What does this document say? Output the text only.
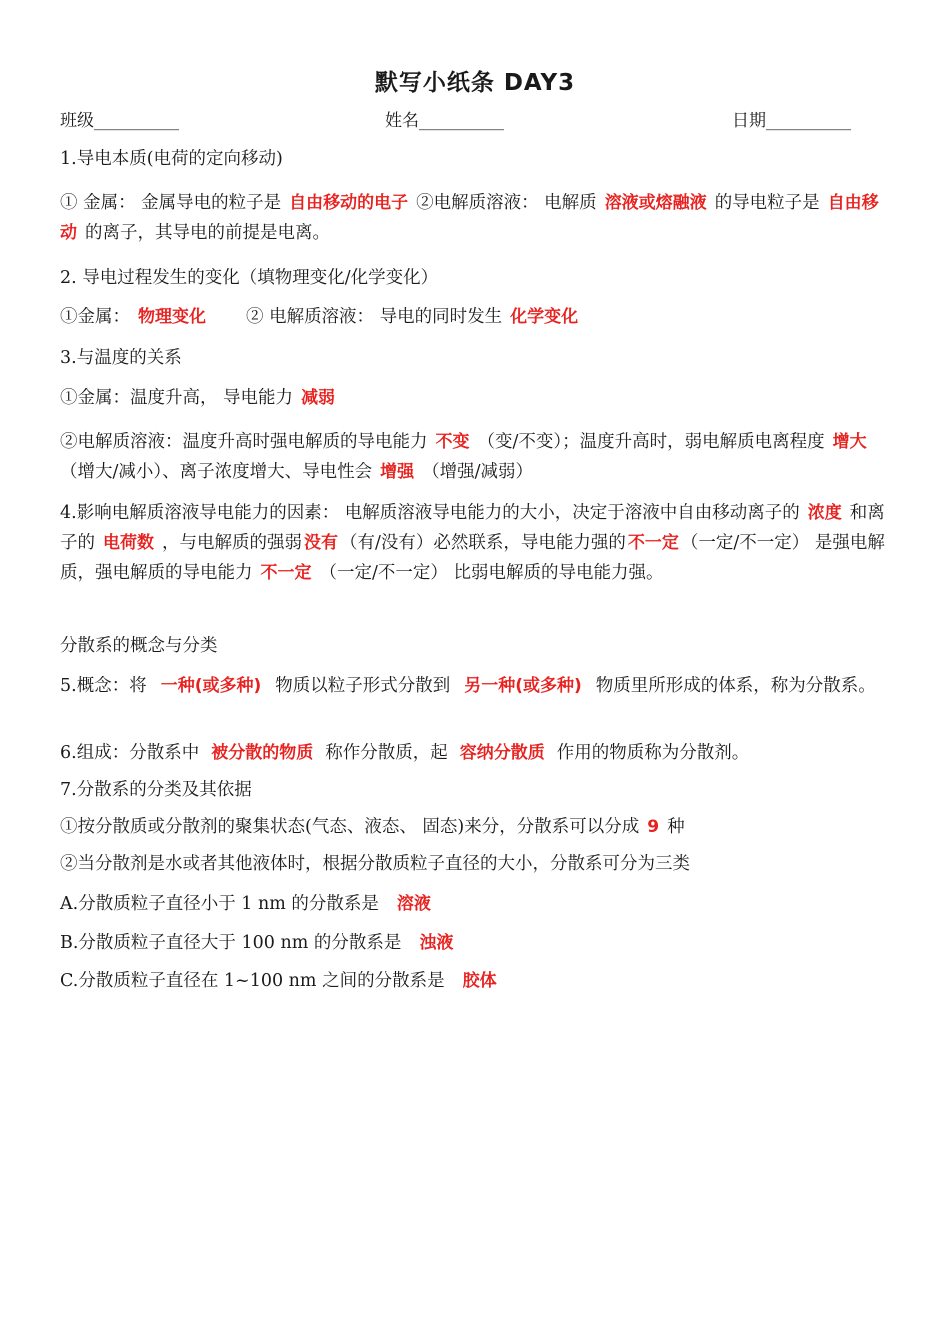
默写小纸条 DAY3
班级__________	姓名__________	日期__________
1.导电本质(电荷的定向移动)
① 金属： 金属导电的粒子是 自由移动的电子 ②电解质溶液： 电解质 溶液或熔融液 的导电粒子是 自由移动 的离子，其导电的前提是电离。
2. 导电过程发生的变化（填物理变化/化学变化）
①金属： 物理变化 ② 电解质溶液： 导电的同时发生 化学变化
3.与温度的关系
①金属：温度升高， 导电能力 减弱
②电解质溶液：温度升高时强电解质的导电能力 不变 （变/不变）；温度升高时，弱电解质电离程度 增大（增大/减小）、离子浓度增大、导电性会 增强 （增强/减弱）
4.影响电解质溶液导电能力的因素： 电解质溶液导电能力的大小，决定于溶液中自由移动离子的 浓度 和离子的 电荷数 ，与电解质的强弱 没有 （有/没有）必然联系，导电能力强的 不一定 （一定/不一定） 是强电解质，强电解质的导电能力 不一定 （一定/不一定） 比弱电解质的导电能力强。
分散系的概念与分类
5.概念：将 一种(或多种) 物质以粒子形式分散到 另一种(或多种) 物质里所形成的体系，称为分散系。
6.组成：分散系中 被分散的物质 称作分散质，起 容纳分散质 作用的物质称为分散剂。
7.分散系的分类及其依据
①按分散质或分散剂的聚集状态(气态、液态、 固态)来分，分散系可以分成 9 种
②当分散剂是水或者其他液体时，根据分散质粒子直径的大小，分散系可分为三类
A.分散质粒子直径小于 1 nm 的分散系是 溶液
B.分散质粒子直径大于 100 nm 的分散系是 浊液
C.分散质粒子直径在 1~100 nm 之间的分散系是 胶体
